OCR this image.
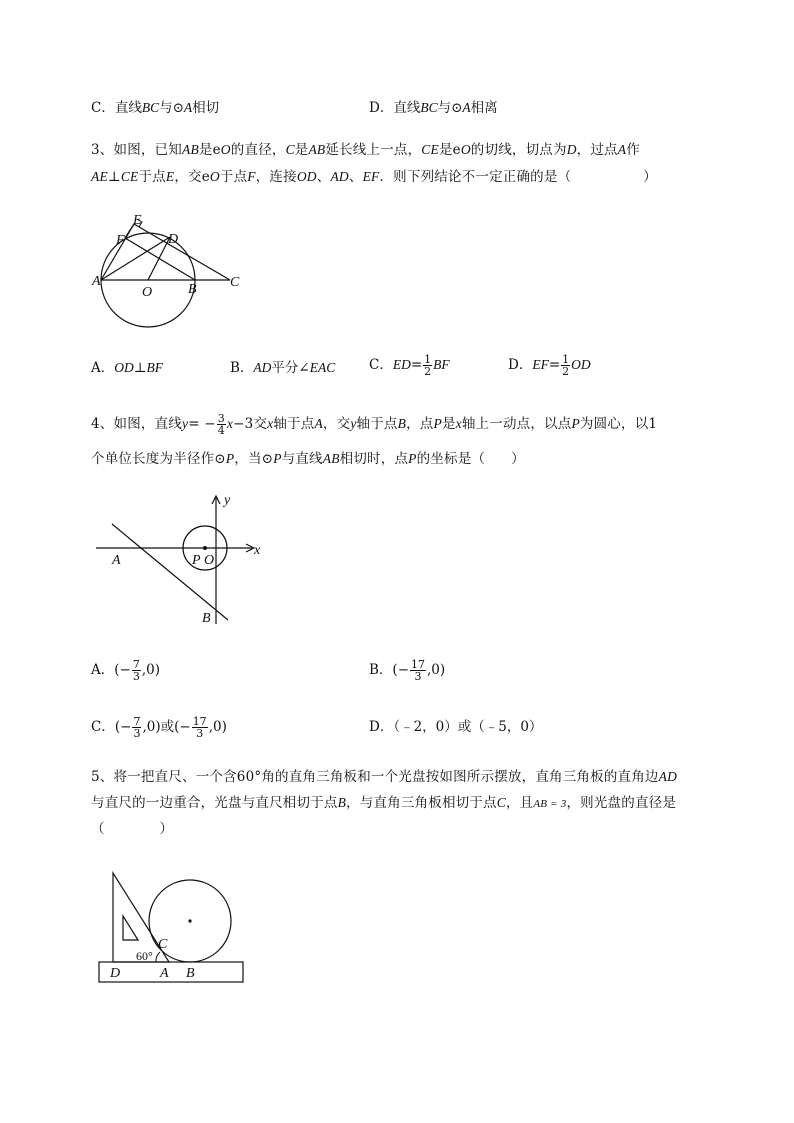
C．直线BC与⊙A相切	D．直线BC与⊙A相离
3、如图，已知AB是eO的直径，C是AB延长线上一点，CE是eO的切线，切点为D，过点A作
AE⊥CE于点E，交eO于点F，连接OD、AD、EF．则下列结论不一定正确的是（	）
E
F	D
A
O	B C
A．OD⊥BF	B．AD平分∠EAC	C．$ED= \frac{1}{2}$ BF	D．$EF= \frac{1}{2}$ OD
4、如图，直线$y= - \frac{3}{4} x-3$交x轴于点A，交y轴于点B，点P是x轴上一动点，以点P为圆心，以1
个单位长度为半径作⊙P，当⊙P与直线AB相切时，点P的坐标是（ ）
y
x
A	P O
B
A．(− $\frac{7}{3} ,0$)	B．(− $\frac{17}{3} ,0$)
C．(− $\frac{7}{3} ,0$)或(− $\frac{17}{3} ,0$)	D．（﹣2，0）或（﹣5，0）
5、将一把直尺、一个含60°角的直角三角板和一个光盘按如图所示摆放，直角三角板的直角边AD
与直尺的一边重合，光盘与直尺相切于点B，与直角三角板相切于点C，且AB = 3，则光盘的直径是
（　　　　）
C
60°
D	A B
